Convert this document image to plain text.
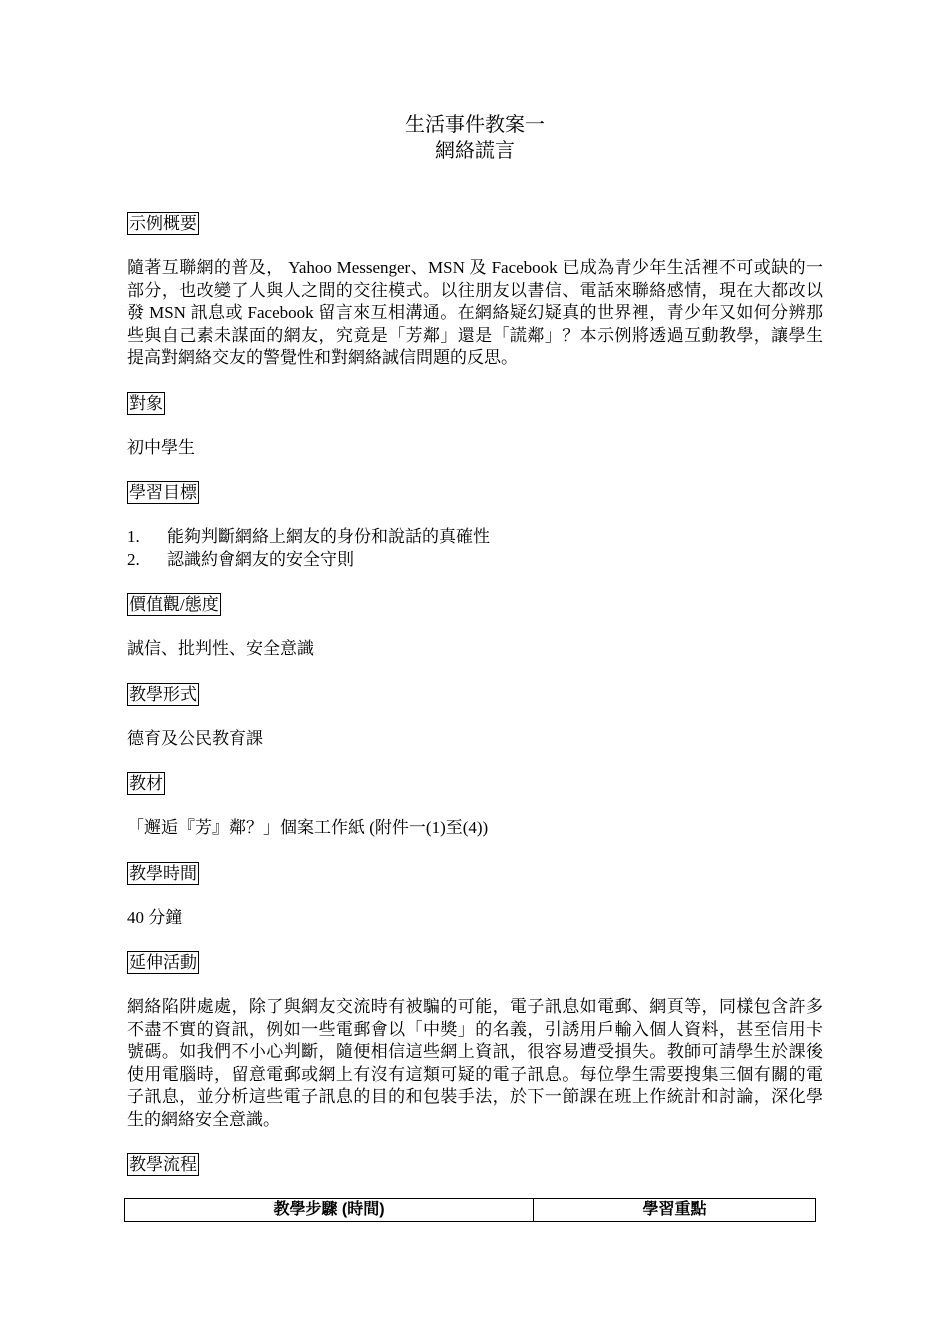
生活事件教案一

網絡謊言

示例概要

隨著互聯網的普及， Yahoo Messenger、MSN 及 Facebook 已成為青少年生活裡不可或缺的一部分，也改變了人與人之間的交往模式。以往朋友以書信、電話來聯絡感情，現在大都改以發 MSN 訊息或 Facebook 留言來互相溝通。在網絡疑幻疑真的世界裡，青少年又如何分辨那些與自己素未謀面的網友，究竟是「芳鄰」還是「謊鄰」？本示例將透過互動教學，讓學生提高對網絡交友的警覺性和對網絡誠信問題的反思。

對象

初中學生

學習目標
1.	能夠判斷網絡上網友的身份和說話的真確性
2.	認識約會網友的安全守則
價值觀/態度

誠信、批判性、安全意識

教學形式

德育及公民教育課

教材

「邂逅『芳』鄰？」個案工作紙 (附件一(1)至(4))

教學時間

40 分鐘

延伸活動

網絡陷阱處處，除了與網友交流時有被騙的可能，電子訊息如電郵、網頁等，同樣包含許多不盡不實的資訊，例如一些電郵會以「中獎」的名義，引誘用戶輸入個人資料，甚至信用卡號碼。如我們不小心判斷，隨便相信這些網上資訊，很容易遭受損失。教師可請學生於課後使用電腦時，留意電郵或網上有沒有這類可疑的電子訊息。每位學生需要搜集三個有關的電子訊息，並分析這些電子訊息的目的和包裝手法，於下一節課在班上作統計和討論，深化學生的網絡安全意識。

教學流程
教學步驟 (時間)	學習重點
